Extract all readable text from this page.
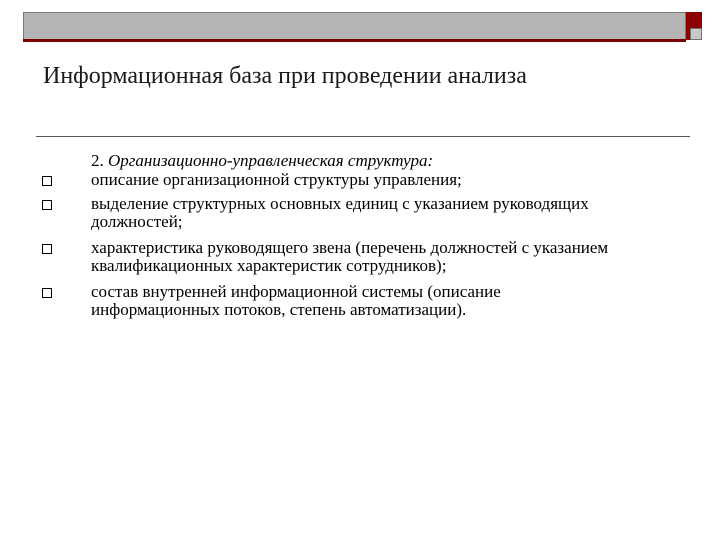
Информационная база при проведении анализа
2. Организационно-управленческая структура:
описание организационной структуры управления;
выделение структурных основных единиц с указанием руководящих должностей;
характеристика руководящего звена (перечень должностей с указанием квалификационных характеристик сотрудников);
состав внутренней информационной системы (описание информационных потоков, степень автоматизации).
